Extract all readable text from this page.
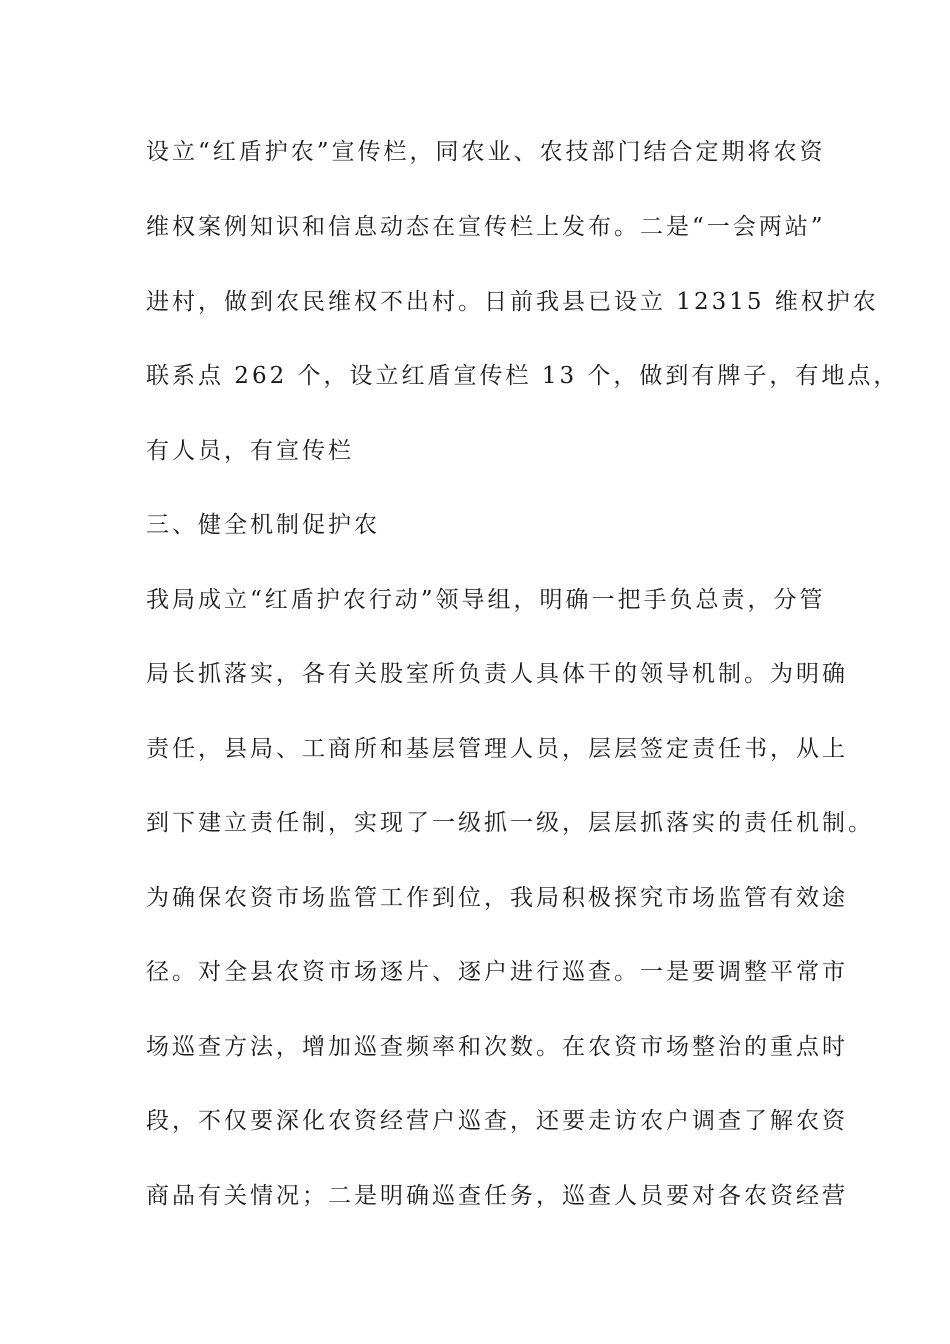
设立“红盾护农”宣传栏，同农业、农技部门结合定期将农资
维权案例知识和信息动态在宣传栏上发布。二是“一会两站”
进村，做到农民维权不出村。日前我县已设立 12315 维权护农
联系点 262 个，设立红盾宣传栏 13 个，做到有牌子，有地点，
有人员，有宣传栏
三、健全机制促护农
我局成立“红盾护农行动”领导组，明确一把手负总责，分管
局长抓落实，各有关股室所负责人具体干的领导机制。为明确
责任，县局、工商所和基层管理人员，层层签定责任书，从上
到下建立责任制，实现了一级抓一级，层层抓落实的责任机制。
为确保农资市场监管工作到位，我局积极探究市场监管有效途
径。对全县农资市场逐片、逐户进行巡查。一是要调整平常市
场巡查方法，增加巡查频率和次数。在农资市场整治的重点时
段，不仅要深化农资经营户巡查，还要走访农户调查了解农资
商品有关情况；二是明确巡查任务，巡查人员要对各农资经营
